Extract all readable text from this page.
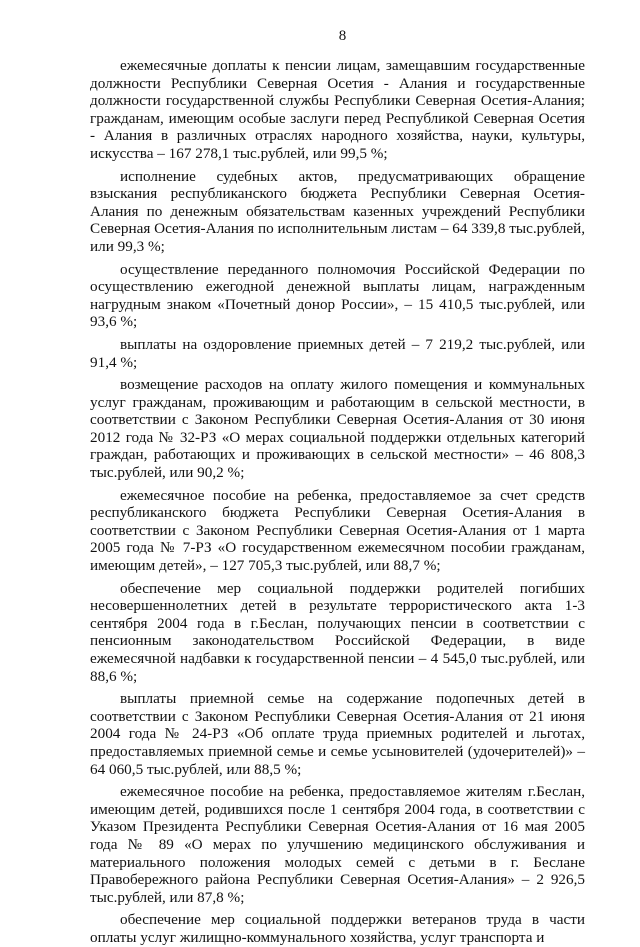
8

ежемесячные доплаты к пенсии лицам, замещавшим государственные должности Республики Северная Осетия - Алания и государственные должности государственной службы Республики Северная Осетия-Алания; гражданам, имеющим особые заслуги перед Республикой Северная Осетия - Алания в различных отраслях народного хозяйства, науки, культуры, искусства – 167 278,1 тыс.рублей, или 99,5 %;

исполнение судебных актов, предусматривающих обращение взыскания республиканского бюджета Республики Северная Осетия-Алания по денежным обязательствам казенных учреждений Республики Северная Осетия-Алания по исполнительным листам – 64 339,8 тыс.рублей, или 99,3 %;

осуществление переданного полномочия Российской Федерации по осуществлению ежегодной денежной выплаты лицам, награжденным нагрудным знаком «Почетный донор России», – 15 410,5 тыс.рублей, или 93,6 %;

выплаты на оздоровление приемных детей – 7 219,2 тыс.рублей, или 91,4 %;

возмещение расходов на оплату жилого помещения и коммунальных услуг гражданам, проживающим и работающим в сельской местности, в соответствии с Законом Республики Северная Осетия-Алания от 30 июня 2012 года № 32-РЗ «О мерах социальной поддержки отдельных категорий граждан, работающих и проживающих в сельской местности» – 46 808,3 тыс.рублей, или 90,2 %;

ежемесячное пособие на ребенка, предоставляемое за счет средств республиканского бюджета Республики Северная Осетия-Алания в соответствии с Законом Республики Северная Осетия-Алания от 1 марта 2005 года № 7-РЗ «О государственном ежемесячном пособии гражданам, имеющим детей», – 127 705,3 тыс.рублей, или 88,7 %;

обеспечение мер социальной поддержки родителей погибших несовершеннолетних детей в результате террористического акта 1-3 сентября 2004 года в г.Беслан, получающих пенсии в соответствии с пенсионным законодательством Российской Федерации, в виде ежемесячной надбавки к государственной пенсии – 4 545,0 тыс.рублей, или 88,6 %;

выплаты приемной семье на содержание подопечных детей в соответствии с Законом Республики Северная Осетия-Алания от 21 июня 2004 года № 24-РЗ «Об оплате труда приемных родителей и льготах, предоставляемых приемной семье и семье усыновителей (удочерителей)» – 64 060,5 тыс.рублей, или 88,5 %;

ежемесячное пособие на ребенка, предоставляемое жителям г.Беслан, имеющим детей, родившихся после 1 сентября 2004 года, в соответствии с Указом Президента Республики Северная Осетия-Алания от 16 мая 2005 года № 89 «О мерах по улучшению медицинского обслуживания и материального положения молодых семей с детьми в г. Беслане Правобережного района Республики Северная Осетия-Алания» – 2 926,5 тыс.рублей, или 87,8 %;

обеспечение мер социальной поддержки ветеранов труда в части оплаты услуг жилищно-коммунального хозяйства, услуг транспорта и
